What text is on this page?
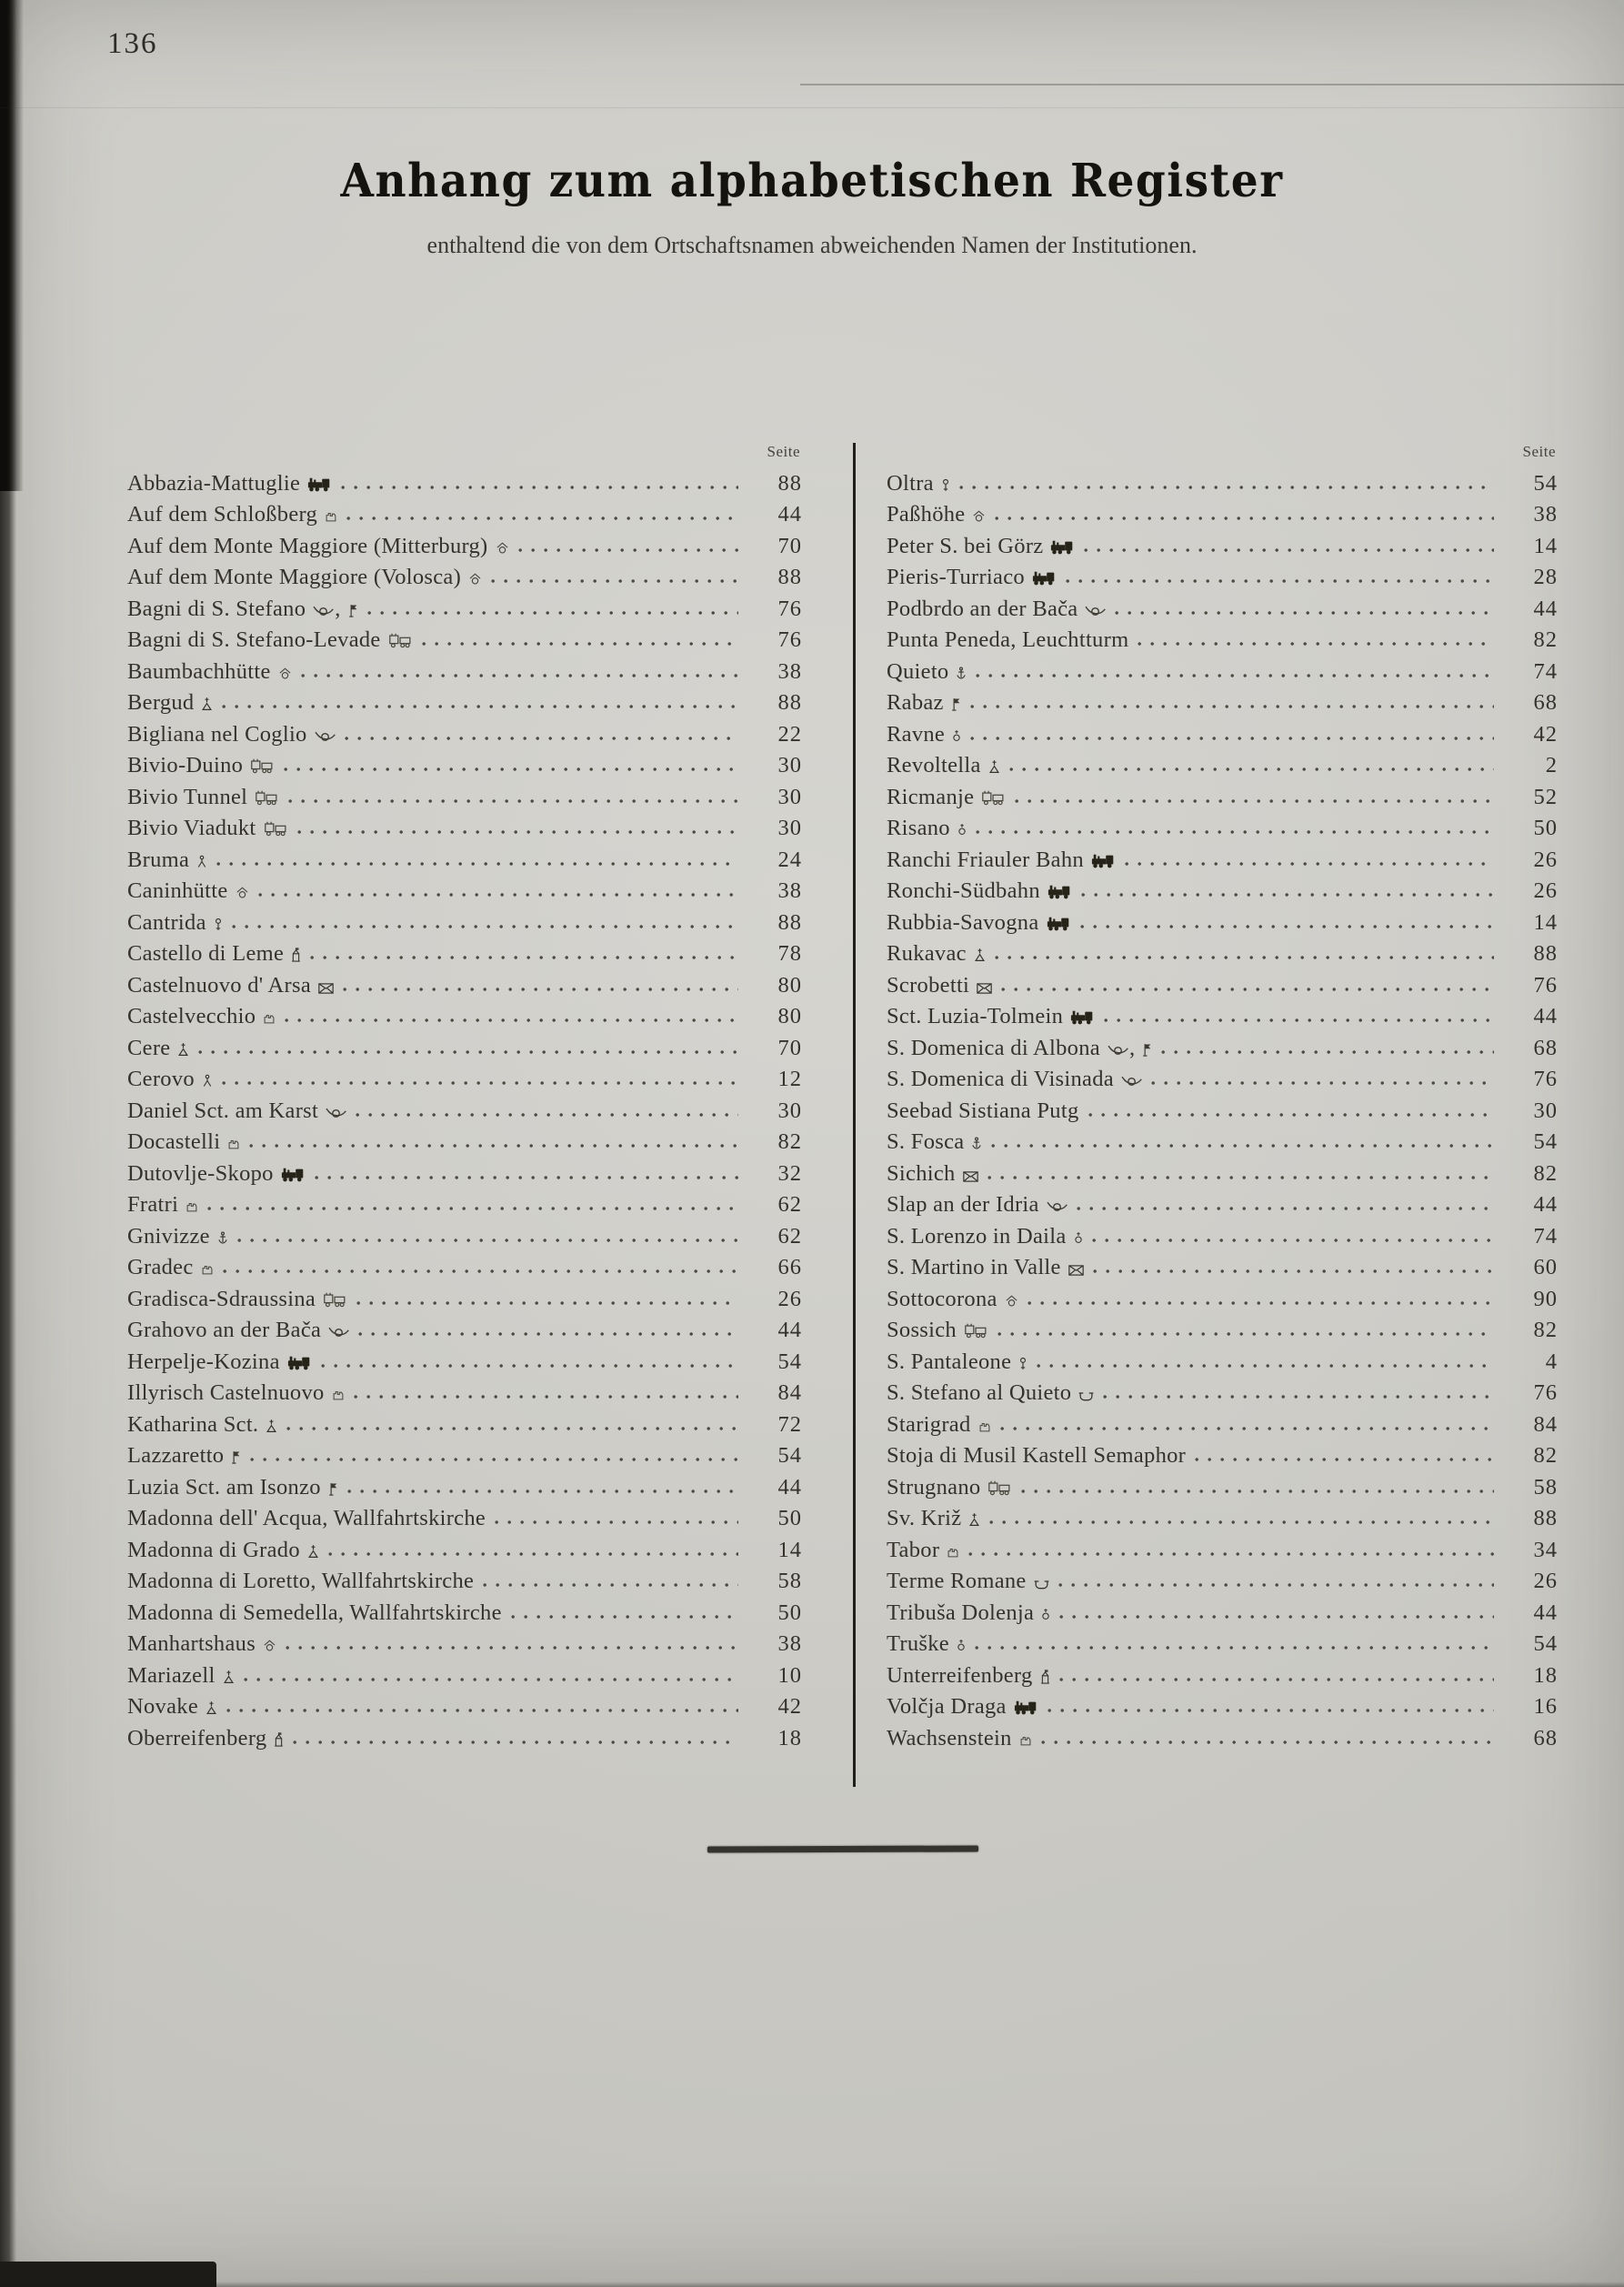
136
Anhang zum alphabetischen Register
enthaltend die von dem Ortschaftsnamen abweichenden Namen der Institutionen.
Seite
Abbazia-Mattuglie	88
Auf dem Schloßberg	44
Auf dem Monte Maggiore (Mitterburg)	70
Auf dem Monte Maggiore (Volosca)	88
Bagni di S. Stefano ,	76
Bagni di S. Stefano-Levade	76
Baumbachhütte	38
Bergud	88
Bigliana nel Coglio	22
Bivio-Duino	30
Bivio Tunnel	30
Bivio Viadukt	30
Bruma	24
Caninhütte	38
Cantrida	88
Castello di Leme	78
Castelnuovo d' Arsa	80
Castelvecchio	80
Cere	70
Cerovo	12
Daniel Sct. am Karst	30
Docastelli	82
Dutovlje-Skopo	32
Fratri	62
Gnivizze	62
Gradec	66
Gradisca-Sdraussina	26
Grahovo an der Bača	44
Herpelje-Kozina	54
Illyrisch Castelnuovo	84
Katharina Sct.	72
Lazzaretto	54
Luzia Sct. am Isonzo	44
Madonna dell' Acqua, Wallfahrtskirche	50
Madonna di Grado	14
Madonna di Loretto, Wallfahrtskirche	58
Madonna di Semedella, Wallfahrtskirche	50
Manhartshaus	38
Mariazell	10
Novake	42
Oberreifenberg	18
Seite
Oltra	54
Paßhöhe	38
Peter S. bei Görz	14
Pieris-Turriaco	28
Podbrdo an der Bača	44
Punta Peneda, Leuchtturm	82
Quieto	74
Rabaz	68
Ravne	42
Revoltella	2
Ricmanje	52
Risano	50
Ranchi Friauler Bahn	26
Ronchi-Südbahn	26
Rubbia-Savogna	14
Rukavac	88
Scrobetti	76
Sct. Luzia-Tolmein	44
S. Domenica di Albona ,	68
S. Domenica di Visinada	76
Seebad Sistiana Putg	30
S. Fosca	54
Sichich	82
Slap an der Idria	44
S. Lorenzo in Daila	74
S. Martino in Valle	60
Sottocorona	90
Sossich	82
S. Pantaleone	4
S. Stefano al Quieto	76
Starigrad	84
Stoja di Musil Kastell Semaphor	82
Strugnano	58
Sv. Križ	88
Tabor	34
Terme Romane	26
Tribuša Dolenja	44
Truške	54
Unterreifenberg	18
Volčja Draga	16
Wachsenstein	68
